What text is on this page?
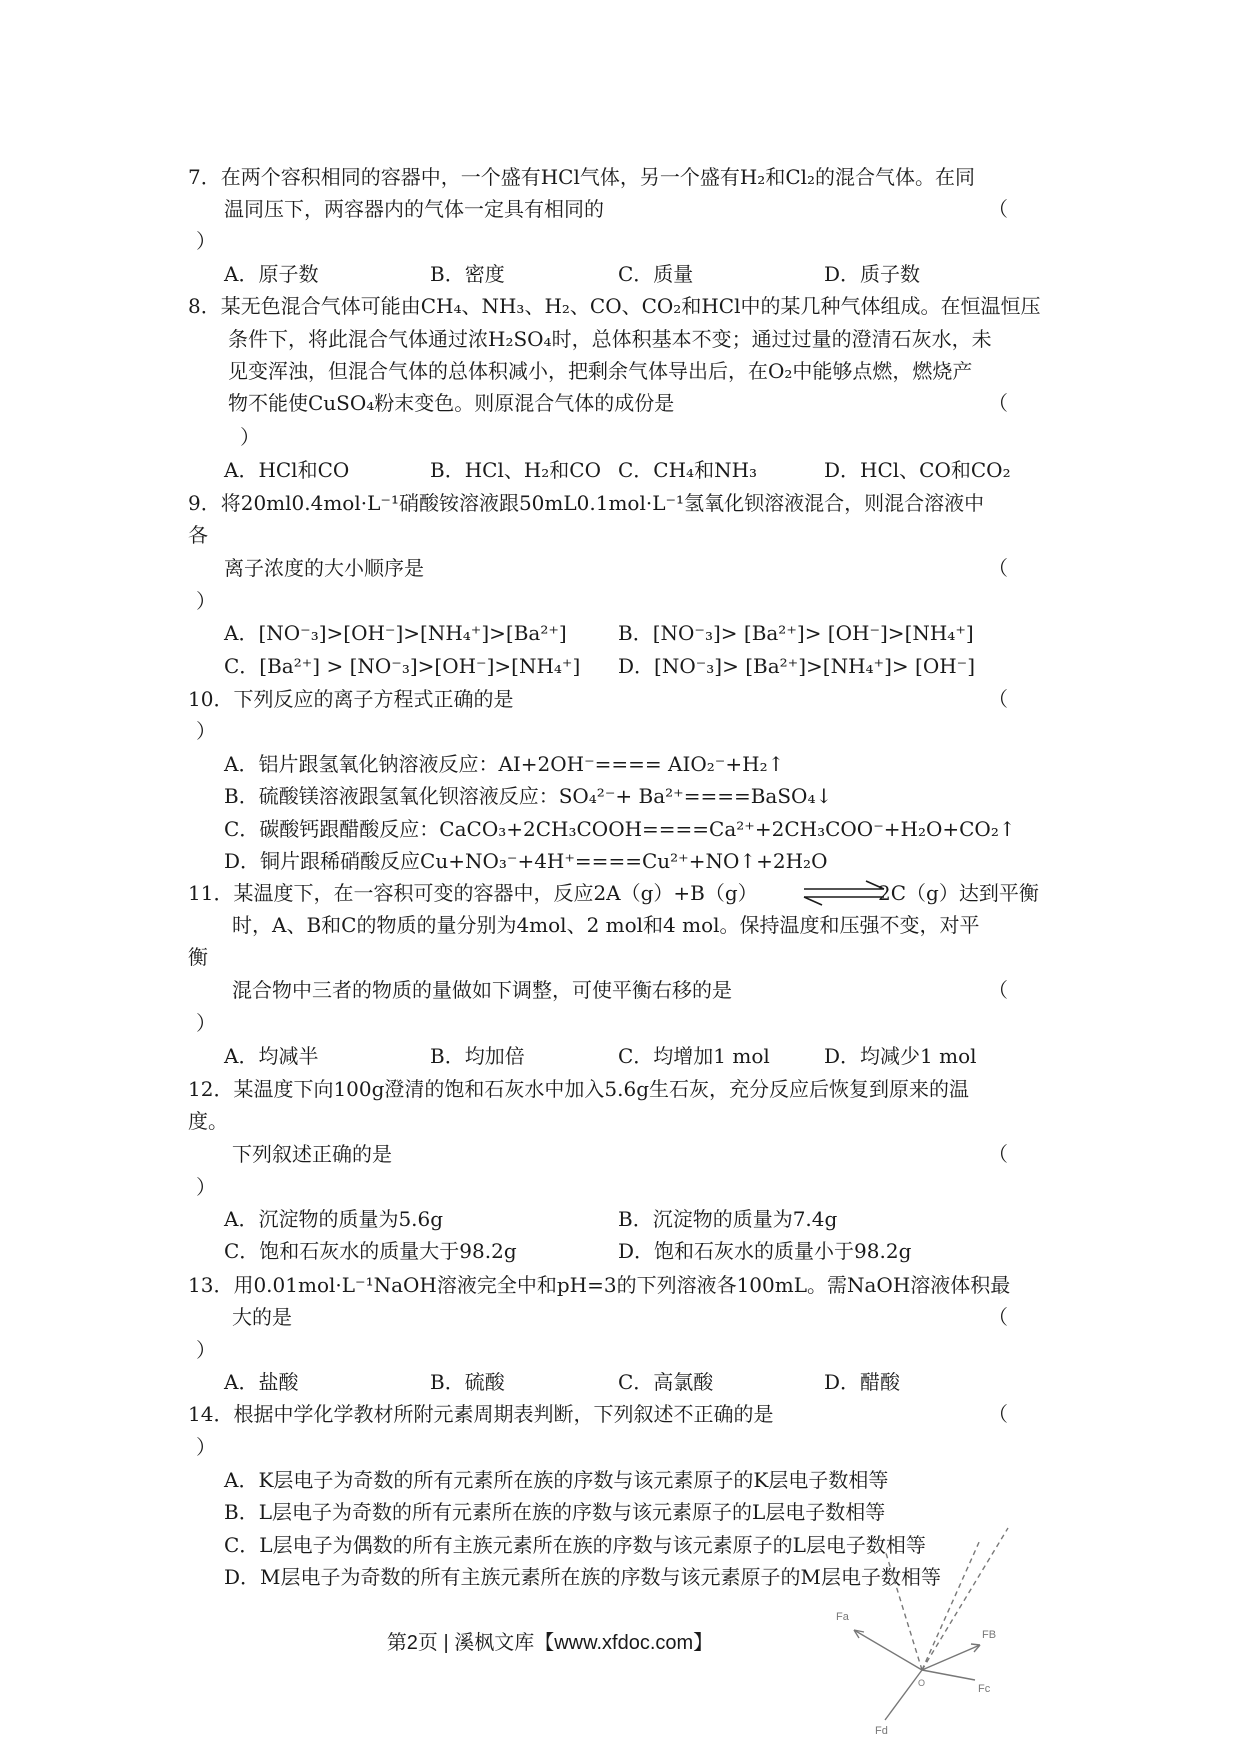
7．在两个容积相同的容器中，一个盛有HCl气体，另一个盛有H₂和Cl₂的混合气体。在同
温同压下，两容器内的气体一定具有相同的	（
）
A．原子数	B．密度	C．质量	D．质子数
8．某无色混合气体可能由CH₄、NH₃、H₂、CO、CO₂和HCl中的某几种气体组成。在恒温恒压
条件下，将此混合气体通过浓H₂SO₄时，总体积基本不变；通过过量的澄清石灰水，未
见变浑浊，但混合气体的总体积减小，把剩余气体导出后，在O₂中能够点燃，燃烧产
物不能使CuSO₄粉末变色。则原混合气体的成份是	（
）
A．HCl和CO	B．HCl、H₂和CO C．CH₄和NH₃	D．HCl、CO和CO₂
9．将20ml0.4mol·L⁻¹硝酸铵溶液跟50mL0.1mol·L⁻¹氢氧化钡溶液混合，则混合溶液中
各
离子浓度的大小顺序是	（
）
A．[NO⁻₃]>[OH⁻]>[NH₄⁺]>[Ba²⁺]	B．[NO⁻₃]> [Ba²⁺]> [OH⁻]>[NH₄⁺]
C．[Ba²⁺] > [NO⁻₃]>[OH⁻]>[NH₄⁺] D．[NO⁻₃]> [Ba²⁺]>[NH₄⁺]> [OH⁻]
10．下列反应的离子方程式正确的是	（
）
A．铝片跟氢氧化钠溶液反应：AI+2OH⁻==== AIO₂⁻+H₂↑
B．硫酸镁溶液跟氢氧化钡溶液反应：SO₄²⁻+ Ba²⁺====BaSO₄↓
C．碳酸钙跟醋酸反应：CaCO₃+2CH₃COOH====Ca²⁺+2CH₃COO⁻+H₂O+CO₂↑
D．铜片跟稀硝酸反应Cu+NO₃⁻+4H⁺====Cu²⁺+NO↑+2H₂O
11．某温度下，在一容积可变的容器中，反应2A（g）+B（g）	2C（g）达到平衡
时，A、B和C的物质的量分别为4mol、2 mol和4 mol。保持温度和压强不变，对平
衡
混合物中三者的物质的量做如下调整，可使平衡右移的是	（
）
A．均减半	B．均加倍	C．均增加1 mol	D．均减少1 mol
12．某温度下向100g澄清的饱和石灰水中加入5.6g生石灰，充分反应后恢复到原来的温
度。
下列叙述正确的是	（
）
A．沉淀物的质量为5.6g	B．沉淀物的质量为7.4g
C．饱和石灰水的质量大于98.2g	D．饱和石灰水的质量小于98.2g
13．用0.01mol·L⁻¹NaOH溶液完全中和pH=3的下列溶液各100mL。需NaOH溶液体积最
大的是	（
）
A．盐酸	B．硫酸	C．高氯酸	D．醋酸
14．根据中学化学教材所附元素周期表判断，下列叙述不正确的是	（
）
A．K层电子为奇数的所有元素所在族的序数与该元素原子的K层电子数相等
B．L层电子为奇数的所有元素所在族的序数与该元素原子的L层电子数相等
C．L层电子为偶数的所有主族元素所在族的序数与该元素原子的L层电子数相等
D．M层电子为奇数的所有主族元素所在族的序数与该元素原子的M层电子数相等
第2页 | 溪枫文库【www.xfdoc.com】
Fa
FB
Fc
Fd
O
